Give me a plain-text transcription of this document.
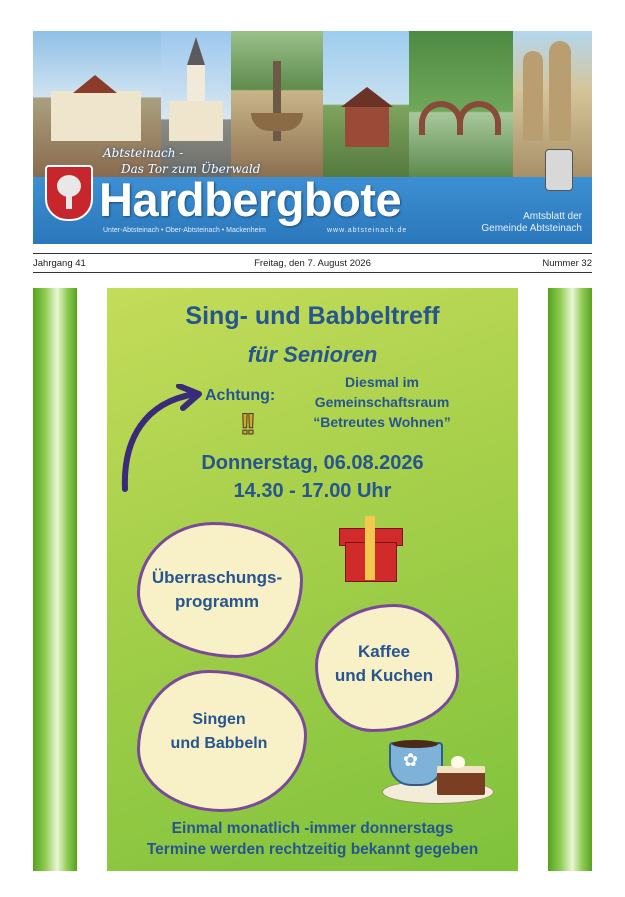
Abtsteinach -
Das Tor zum Überwald
Hardbergbote
Unter-Abtsteinach • Ober-Abtsteinach • Mackenheim	www.abtsteinach.de
Amtsblatt der
Gemeinde Abtsteinach
Jahrgang 41	Freitag, den 7. August 2026	Nummer 32
Sing- und Babbeltreff
für Senioren
Achtung:
!!
Diesmal im
Gemeinschaftsraum
“Betreutes Wohnen”
Donnerstag, 06.08.2026
14.30 - 17.00 Uhr
Überraschungs-
programm
Kaffee
und Kuchen
Singen
und Babbeln
✿
Einmal monatlich -immer donnerstags
Termine werden rechtzeitig bekannt gegeben
